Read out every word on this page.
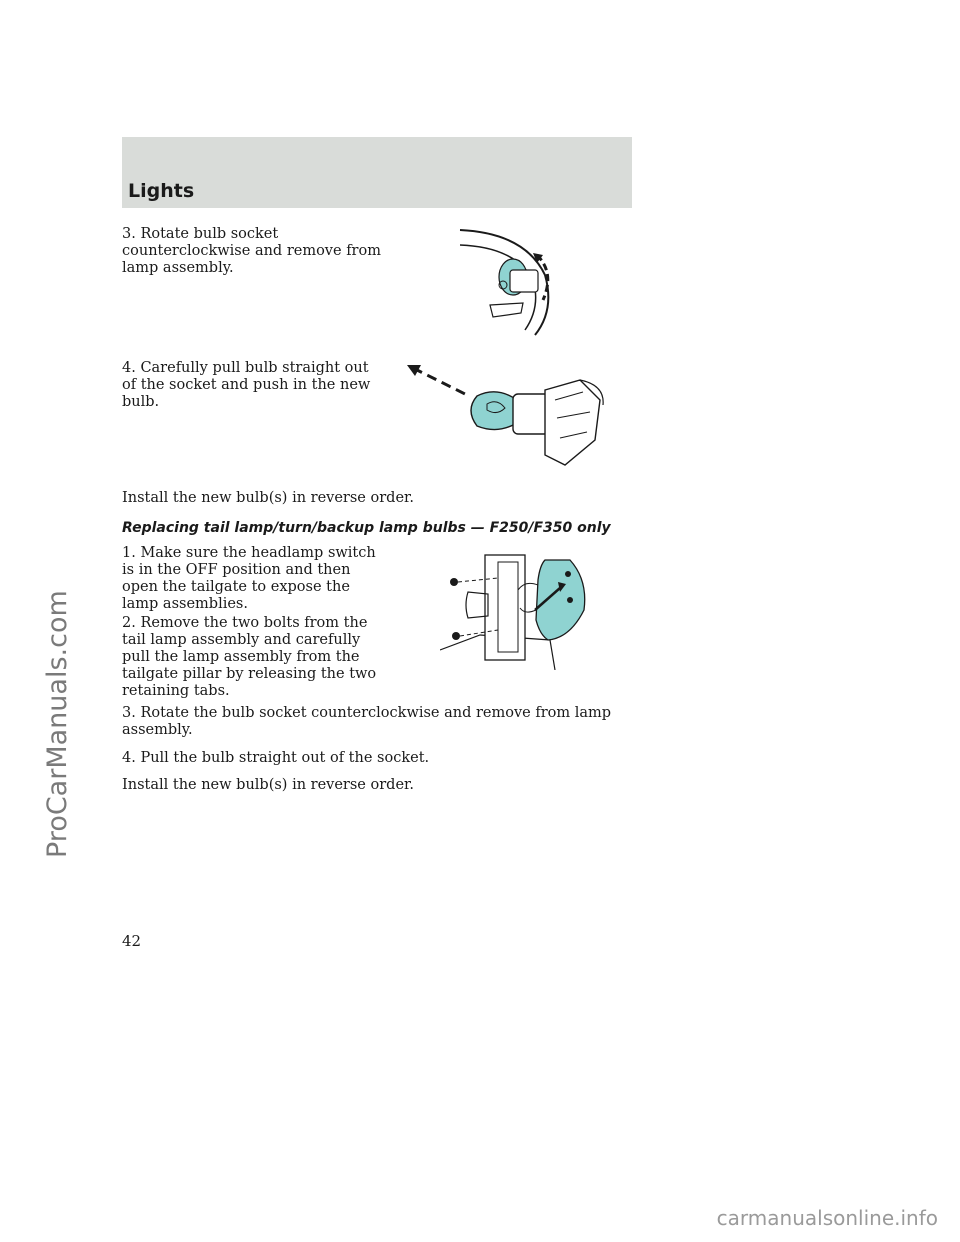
Lights

3. Rotate bulb socket counterclockwise and remove from lamp assembly.

4. Carefully pull bulb straight out of the socket and push in the new bulb.

Install the new bulb(s) in reverse order.

Replacing tail lamp/turn/backup lamp bulbs — F250/F350 only

1. Make sure the headlamp switch is in the OFF position and then open the tailgate to expose the lamp assemblies.

2. Remove the two bolts from the tail lamp assembly and carefully pull the lamp assembly from the tailgate pillar by releasing the two retaining tabs.

3. Rotate the bulb socket counterclockwise and remove from lamp assembly.

4. Pull the bulb straight out of the socket.

Install the new bulb(s) in reverse order.

42
ProCarManuals.com
carmanualsonline.info
